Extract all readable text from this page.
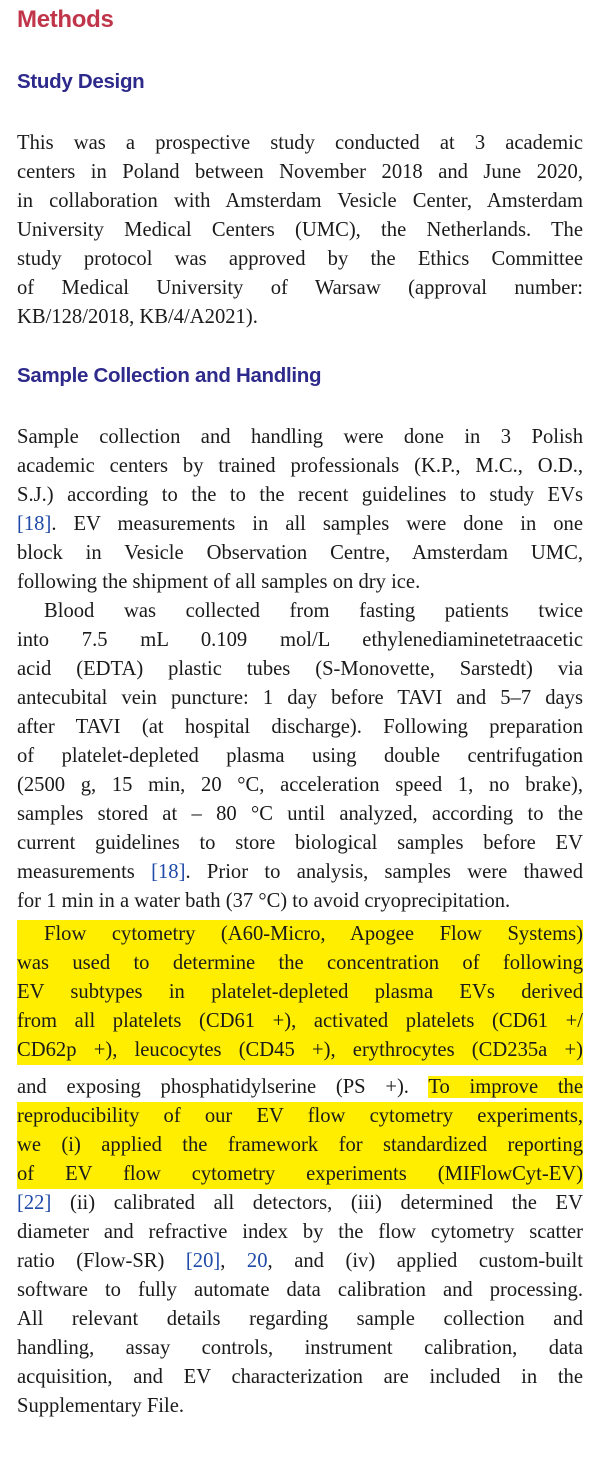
Methods
Study Design
This was a prospective study conducted at 3 academic
centers in Poland between November 2018 and June 2020,
in collaboration with Amsterdam Vesicle Center, Amsterdam
University Medical Centers (UMC), the Netherlands. The
study protocol was approved by the Ethics Committee
of Medical University of Warsaw (approval number:
KB/128/2018, KB/4/A2021).
Sample Collection and Handling
Sample collection and handling were done in 3 Polish
academic centers by trained professionals (K.P., M.C., O.D.,
S.J.) according to the to the recent guidelines to study EVs
[18]. EV measurements in all samples were done in one
block in Vesicle Observation Centre, Amsterdam UMC,
following the shipment of all samples on dry ice.
Blood was collected from fasting patients twice
into 7.5 mL 0.109 mol/L ethylenediaminetetraacetic
acid (EDTA) plastic tubes (S-Monovette, Sarstedt) via
antecubital vein puncture: 1 day before TAVI and 5–7 days
after TAVI (at hospital discharge). Following preparation
of platelet-depleted plasma using double centrifugation
(2500 g, 15 min, 20 °C, acceleration speed 1, no brake),
samples stored at – 80 °C until analyzed, according to the
current guidelines to store biological samples before EV
measurements [18]. Prior to analysis, samples were thawed
for 1 min in a water bath (37 °C) to avoid cryoprecipitation.
Flow cytometry (A60-Micro, Apogee Flow Systems)
was used to determine the concentration of following
EV subtypes in platelet-depleted plasma EVs derived
from all platelets (CD61 +), activated platelets (CD61 +/
CD62p +), leucocytes (CD45 +), erythrocytes (CD235a +)
and exposing phosphatidylserine (PS +). To improve the
reproducibility of our EV flow cytometry experiments,
we (i) applied the framework for standardized reporting
of EV flow cytometry experiments (MIFlowCyt-EV)
[22] (ii) calibrated all detectors, (iii) determined the EV
diameter and refractive index by the flow cytometry scatter
ratio (Flow-SR) [20], 20, and (iv) applied custom-built
software to fully automate data calibration and processing.
All relevant details regarding sample collection and
handling, assay controls, instrument calibration, data
acquisition, and EV characterization are included in the
Supplementary File.
